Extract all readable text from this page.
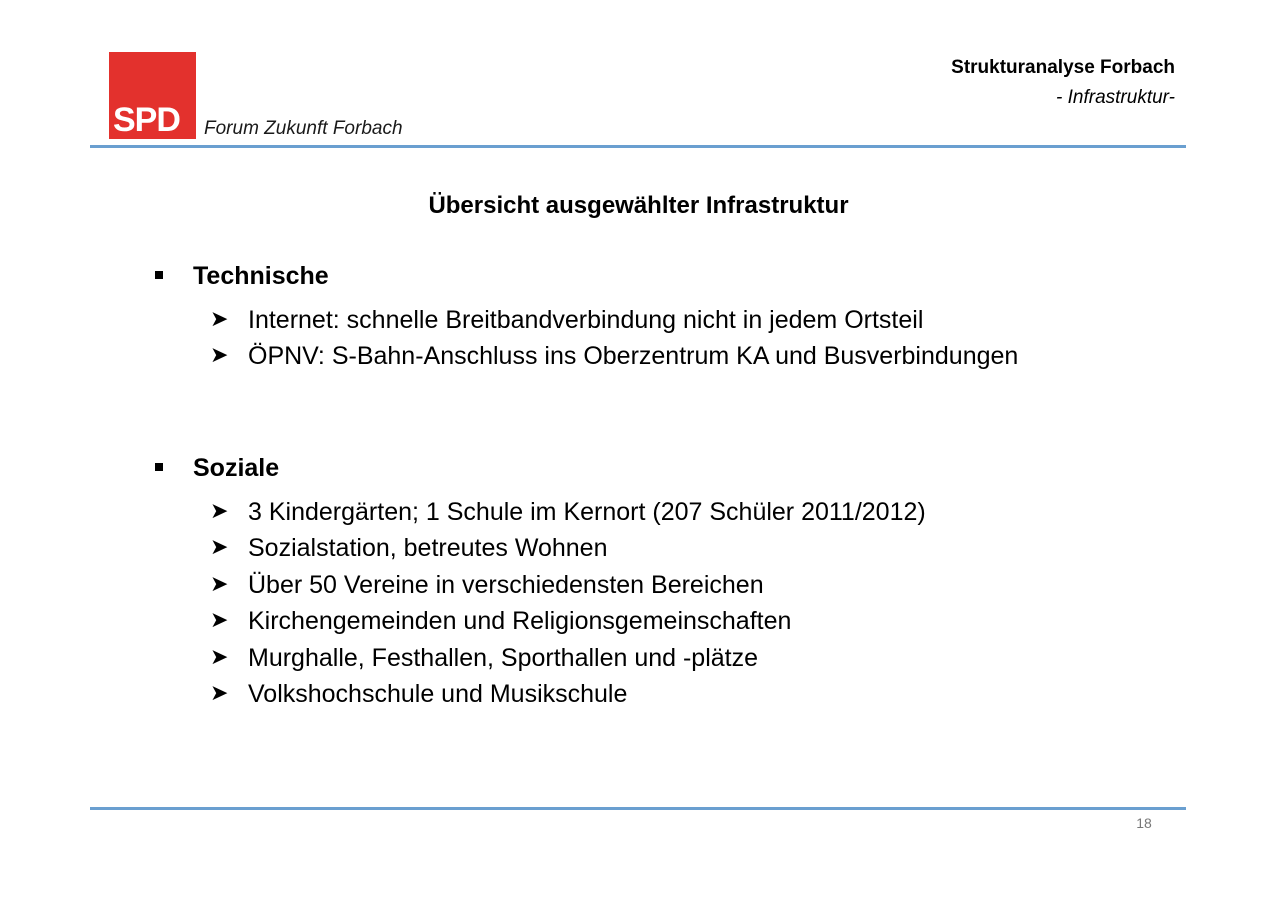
SPD Forum Zukunft Forbach
Strukturanalyse Forbach
- Infrastruktur-
Übersicht ausgewählter Infrastruktur
Technische
➤ Internet: schnelle Breitbandverbindung nicht in jedem Ortsteil
➤ ÖPNV: S-Bahn-Anschluss ins Oberzentrum KA und Busverbindungen
Soziale
➤ 3 Kindergärten; 1 Schule im Kernort (207 Schüler 2011/2012)
➤ Sozialstation, betreutes Wohnen
➤ Über 50 Vereine in verschiedensten Bereichen
➤ Kirchengemeinden und Religionsgemeinschaften
➤ Murghalle, Festhallen, Sporthallen und -plätze
➤ Volkshochschule und Musikschule
18
